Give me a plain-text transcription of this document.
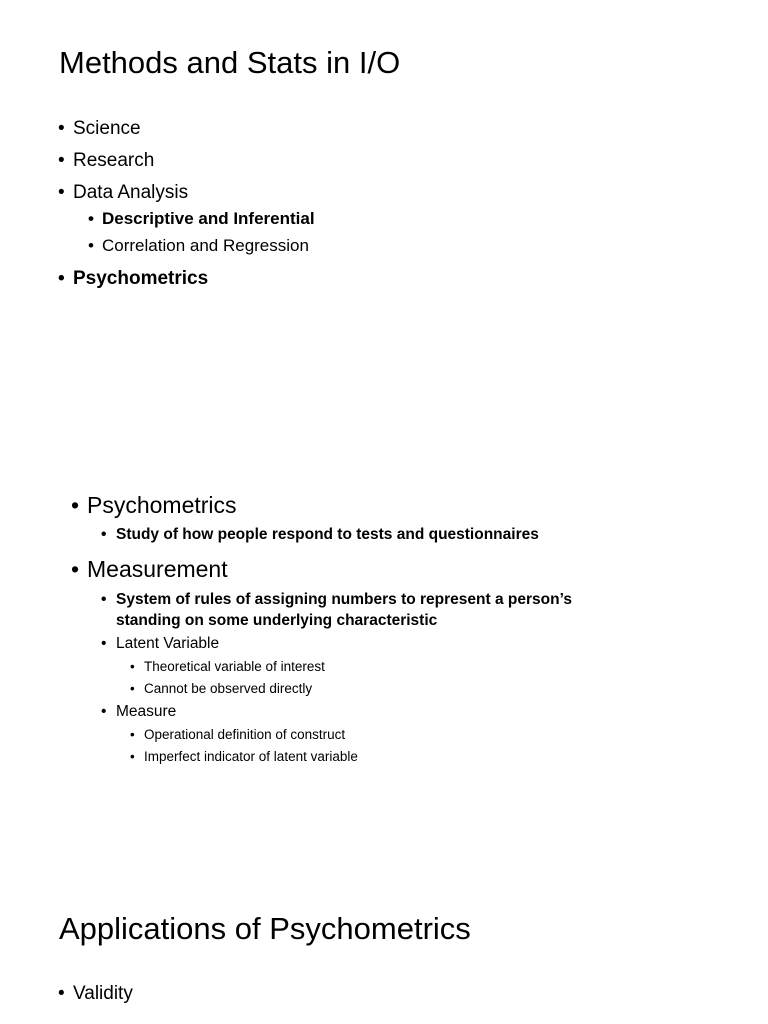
Methods and Stats in I/O

• Science

• Research

• Data Analysis

• Descriptive and Inferential

• Correlation and Regression

• Psychometrics

• Psychometrics

• Study of how people respond to tests and questionnaires

• Measurement

• System of rules of assigning numbers to represent a person’s

standing on some underlying characteristic

• Latent Variable

• Theoretical variable of interest

• Cannot be observed directly

• Measure

• Operational definition of construct

• Imperfect indicator of latent variable

Applications of Psychometrics

• Validity
